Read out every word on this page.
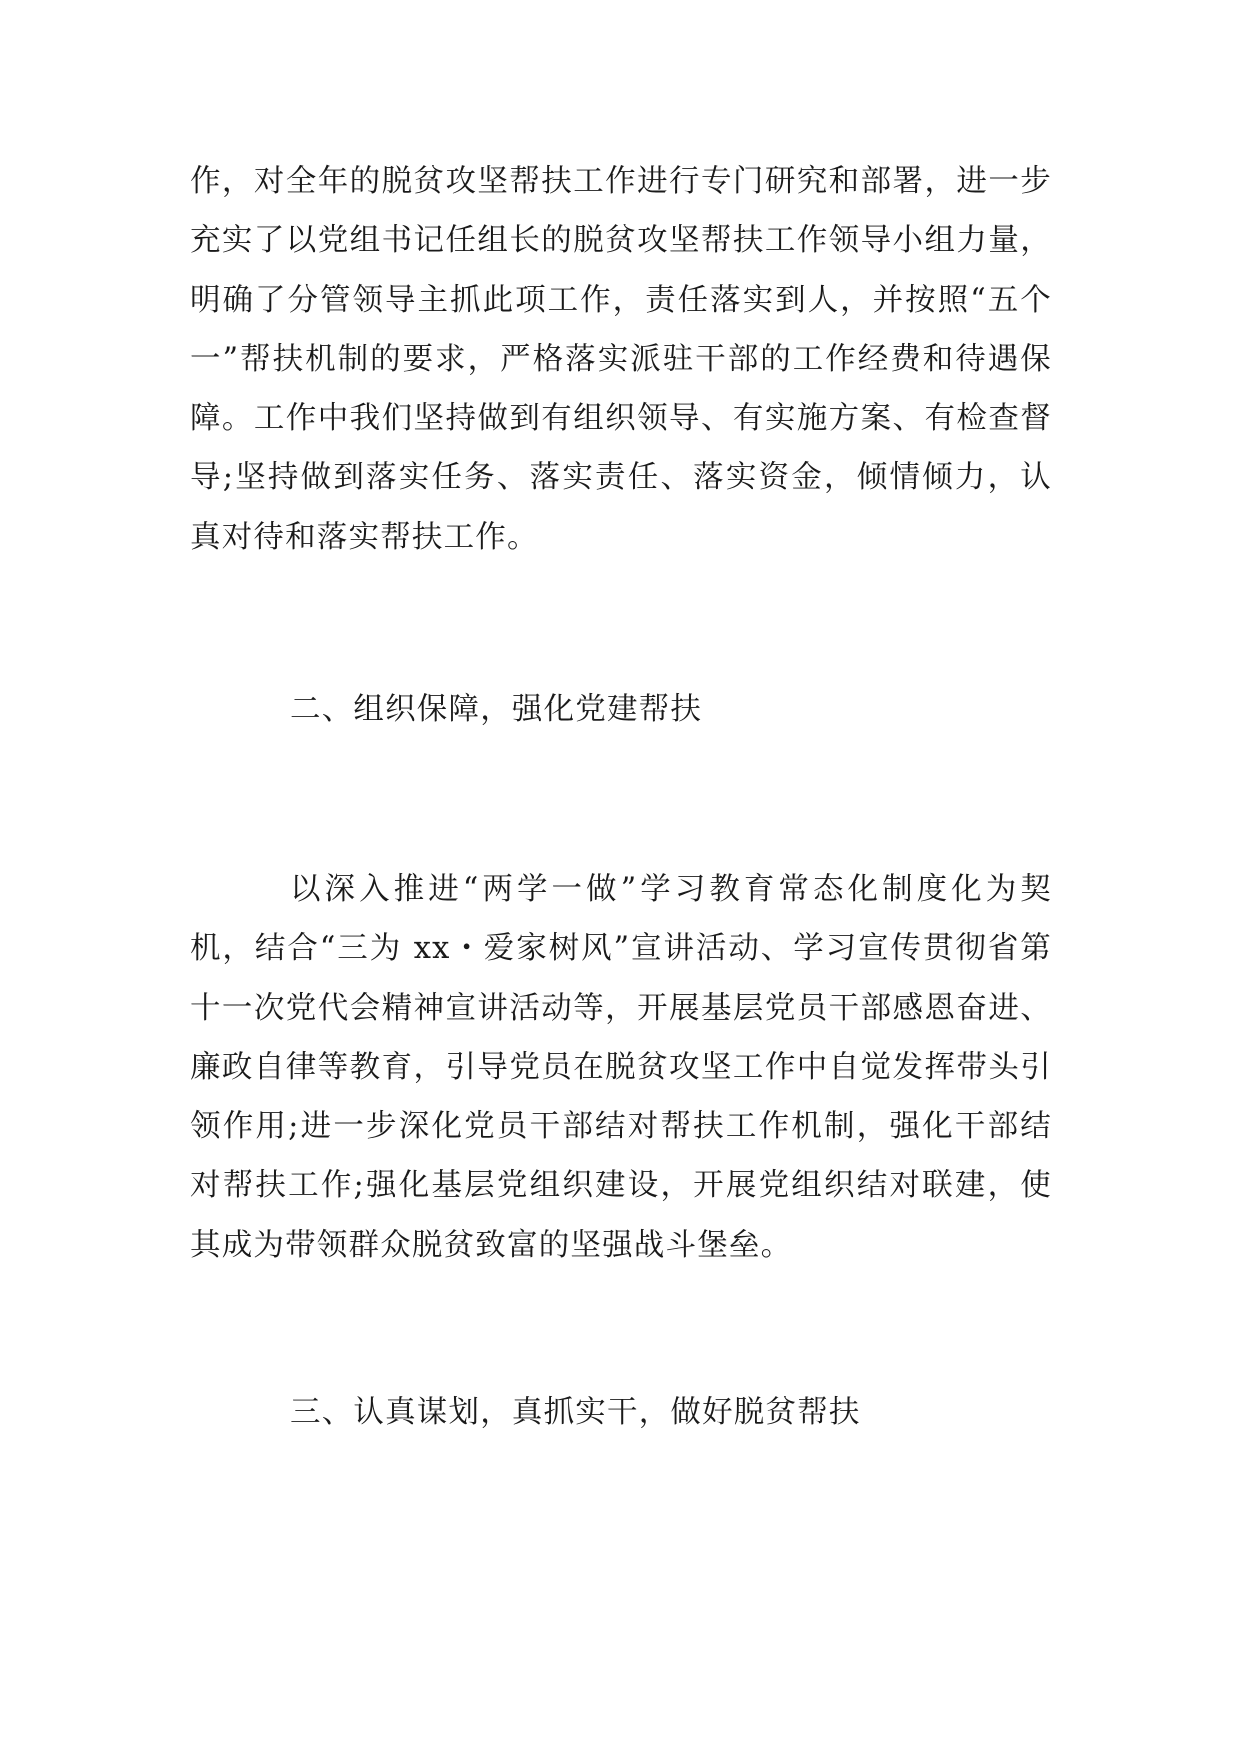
作，对全年的脱贫攻坚帮扶工作进行专门研究和部署，进一步充实了以党组书记任组长的脱贫攻坚帮扶工作领导小组力量，明确了分管领导主抓此项工作，责任落实到人，并按照“五个一”帮扶机制的要求，严格落实派驻干部的工作经费和待遇保障。工作中我们坚持做到有组织领导、有实施方案、有检查督导;坚持做到落实任务、落实责任、落实资金，倾情倾力，认真对待和落实帮扶工作。

二、组织保障，强化党建帮扶

以深入推进“两学一做”学习教育常态化制度化为契机，结合“三为 xx・爱家树风”宣讲活动、学习宣传贯彻省第十一次党代会精神宣讲活动等，开展基层党员干部感恩奋进、廉政自律等教育，引导党员在脱贫攻坚工作中自觉发挥带头引领作用;进一步深化党员干部结对帮扶工作机制，强化干部结对帮扶工作;强化基层党组织建设，开展党组织结对联建，使其成为带领群众脱贫致富的坚强战斗堡垒。

三、认真谋划，真抓实干，做好脱贫帮扶
